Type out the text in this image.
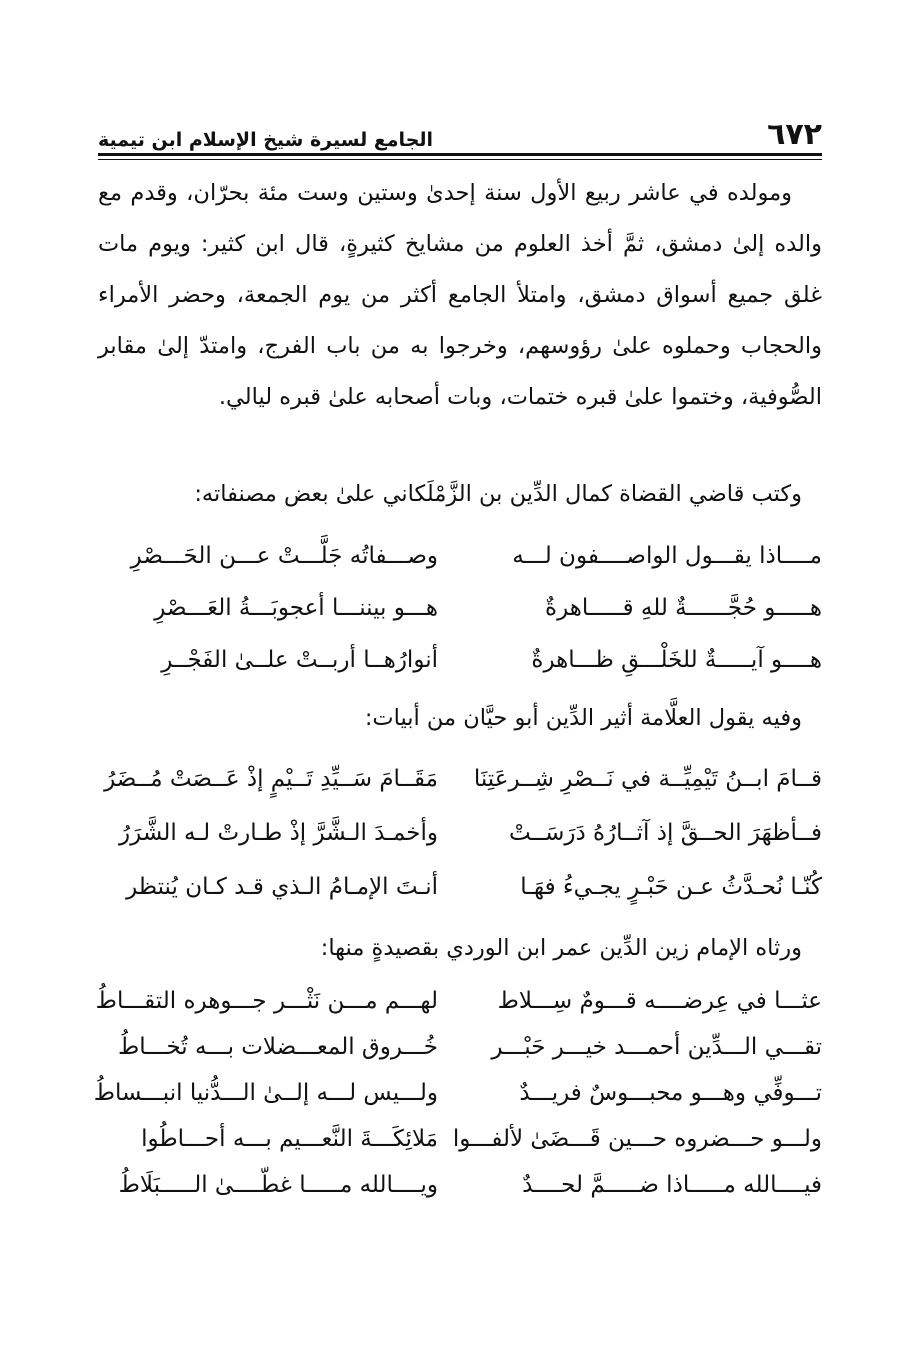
٦٧٢
الجامع لسيرة شيخ الإسلام ابن تيمية

ومولده في عاشر ربيع الأول سنة إحدىٰ وستين وست مئة بحرّان، وقدم مع والده إلىٰ دمشق، ثمَّ أخذ العلوم من مشايخ كثيرةٍ، قال ابن كثير: ويوم مات غلق جميع أسواق دمشق، وامتلأ الجامع أكثر من يوم الجمعة، وحضر الأمراء والحجاب وحملوه علىٰ رؤوسهم، وخرجوا به من باب الفرج، وامتدّ إلىٰ مقابر الصُّوفية، وختموا علىٰ قبره ختمات، وبات أصحابه علىٰ قبره ليالي.

وكتب قاضي القضاة كمال الدِّين بن الزَّمْلَكاني علىٰ بعض مصنفاته:
مــــاذا يقـــول الواصــــفون لـــه
وصـــفاتُه جَلَّـــتْ عـــن الحَـــصْرِ
هـــــو حُجَّــــــةٌ للهِ قـــــاهرةٌ
هـــو بيننـــا أعجوبَـــةُ العَـــصْرِ
هــــو آيـــــةٌ للخَلْـــقِ ظـــاهرةٌ
أنوارُهــا أربــتْ علــىٰ الفَجْــرِ
وفيه يقول العلَّامة أثير الدِّين أبو حيَّان من أبيات:
قــامَ ابــنُ تَيْمِيِّــة في نَــصْرِ شِــرعَتِنَا
مَقَــامَ سَــيِّدِ تَــيْمٍ إذْ عَــصَتْ مُــضَرُ
فــأظهَرَ الحــقَّ إذ آثــارُهُ دَرَسَــتْ
وأخمـدَ الـشَّرَّ إذْ طـارتْ لـه الشَّرَرُ
كُنّـا نُحـدَّثُ عـن حَبْـرٍ يجـيءُ فهَـا
أنـتَ الإمـامُ الـذي قـد كـان يُنتظر
ورثاه الإمام زين الدِّين عمر ابن الوردي بقصيدةٍ منها:
عثـــا في عِرضــــه قـــومٌ سِـــلاط
لهـــم مـــن نَثْـــر جـــوهره التقـــاطُ
تقـــي الـــدِّين أحمـــد خيـــر حَبْـــر
خُـــروق المعـــضلات بـــه تُخـــاطُ
تـــوفِّي وهـــو محبـــوسٌ فريـــدٌ
ولـــيس لـــه إلــىٰ الـــدُّنيا انبـــساطُ
ولـــو حـــضروه حـــين قَـــضَىٰ لألفـــوا
مَلائِكَـــةَ النَّعـــيم بـــه أحـــاطُوا
فيــــالله مـــــاذا ضـــــمَّ لحــــدٌ
ويــــالله مـــــا غطّــــىٰ الـــــبَلَاطُ
